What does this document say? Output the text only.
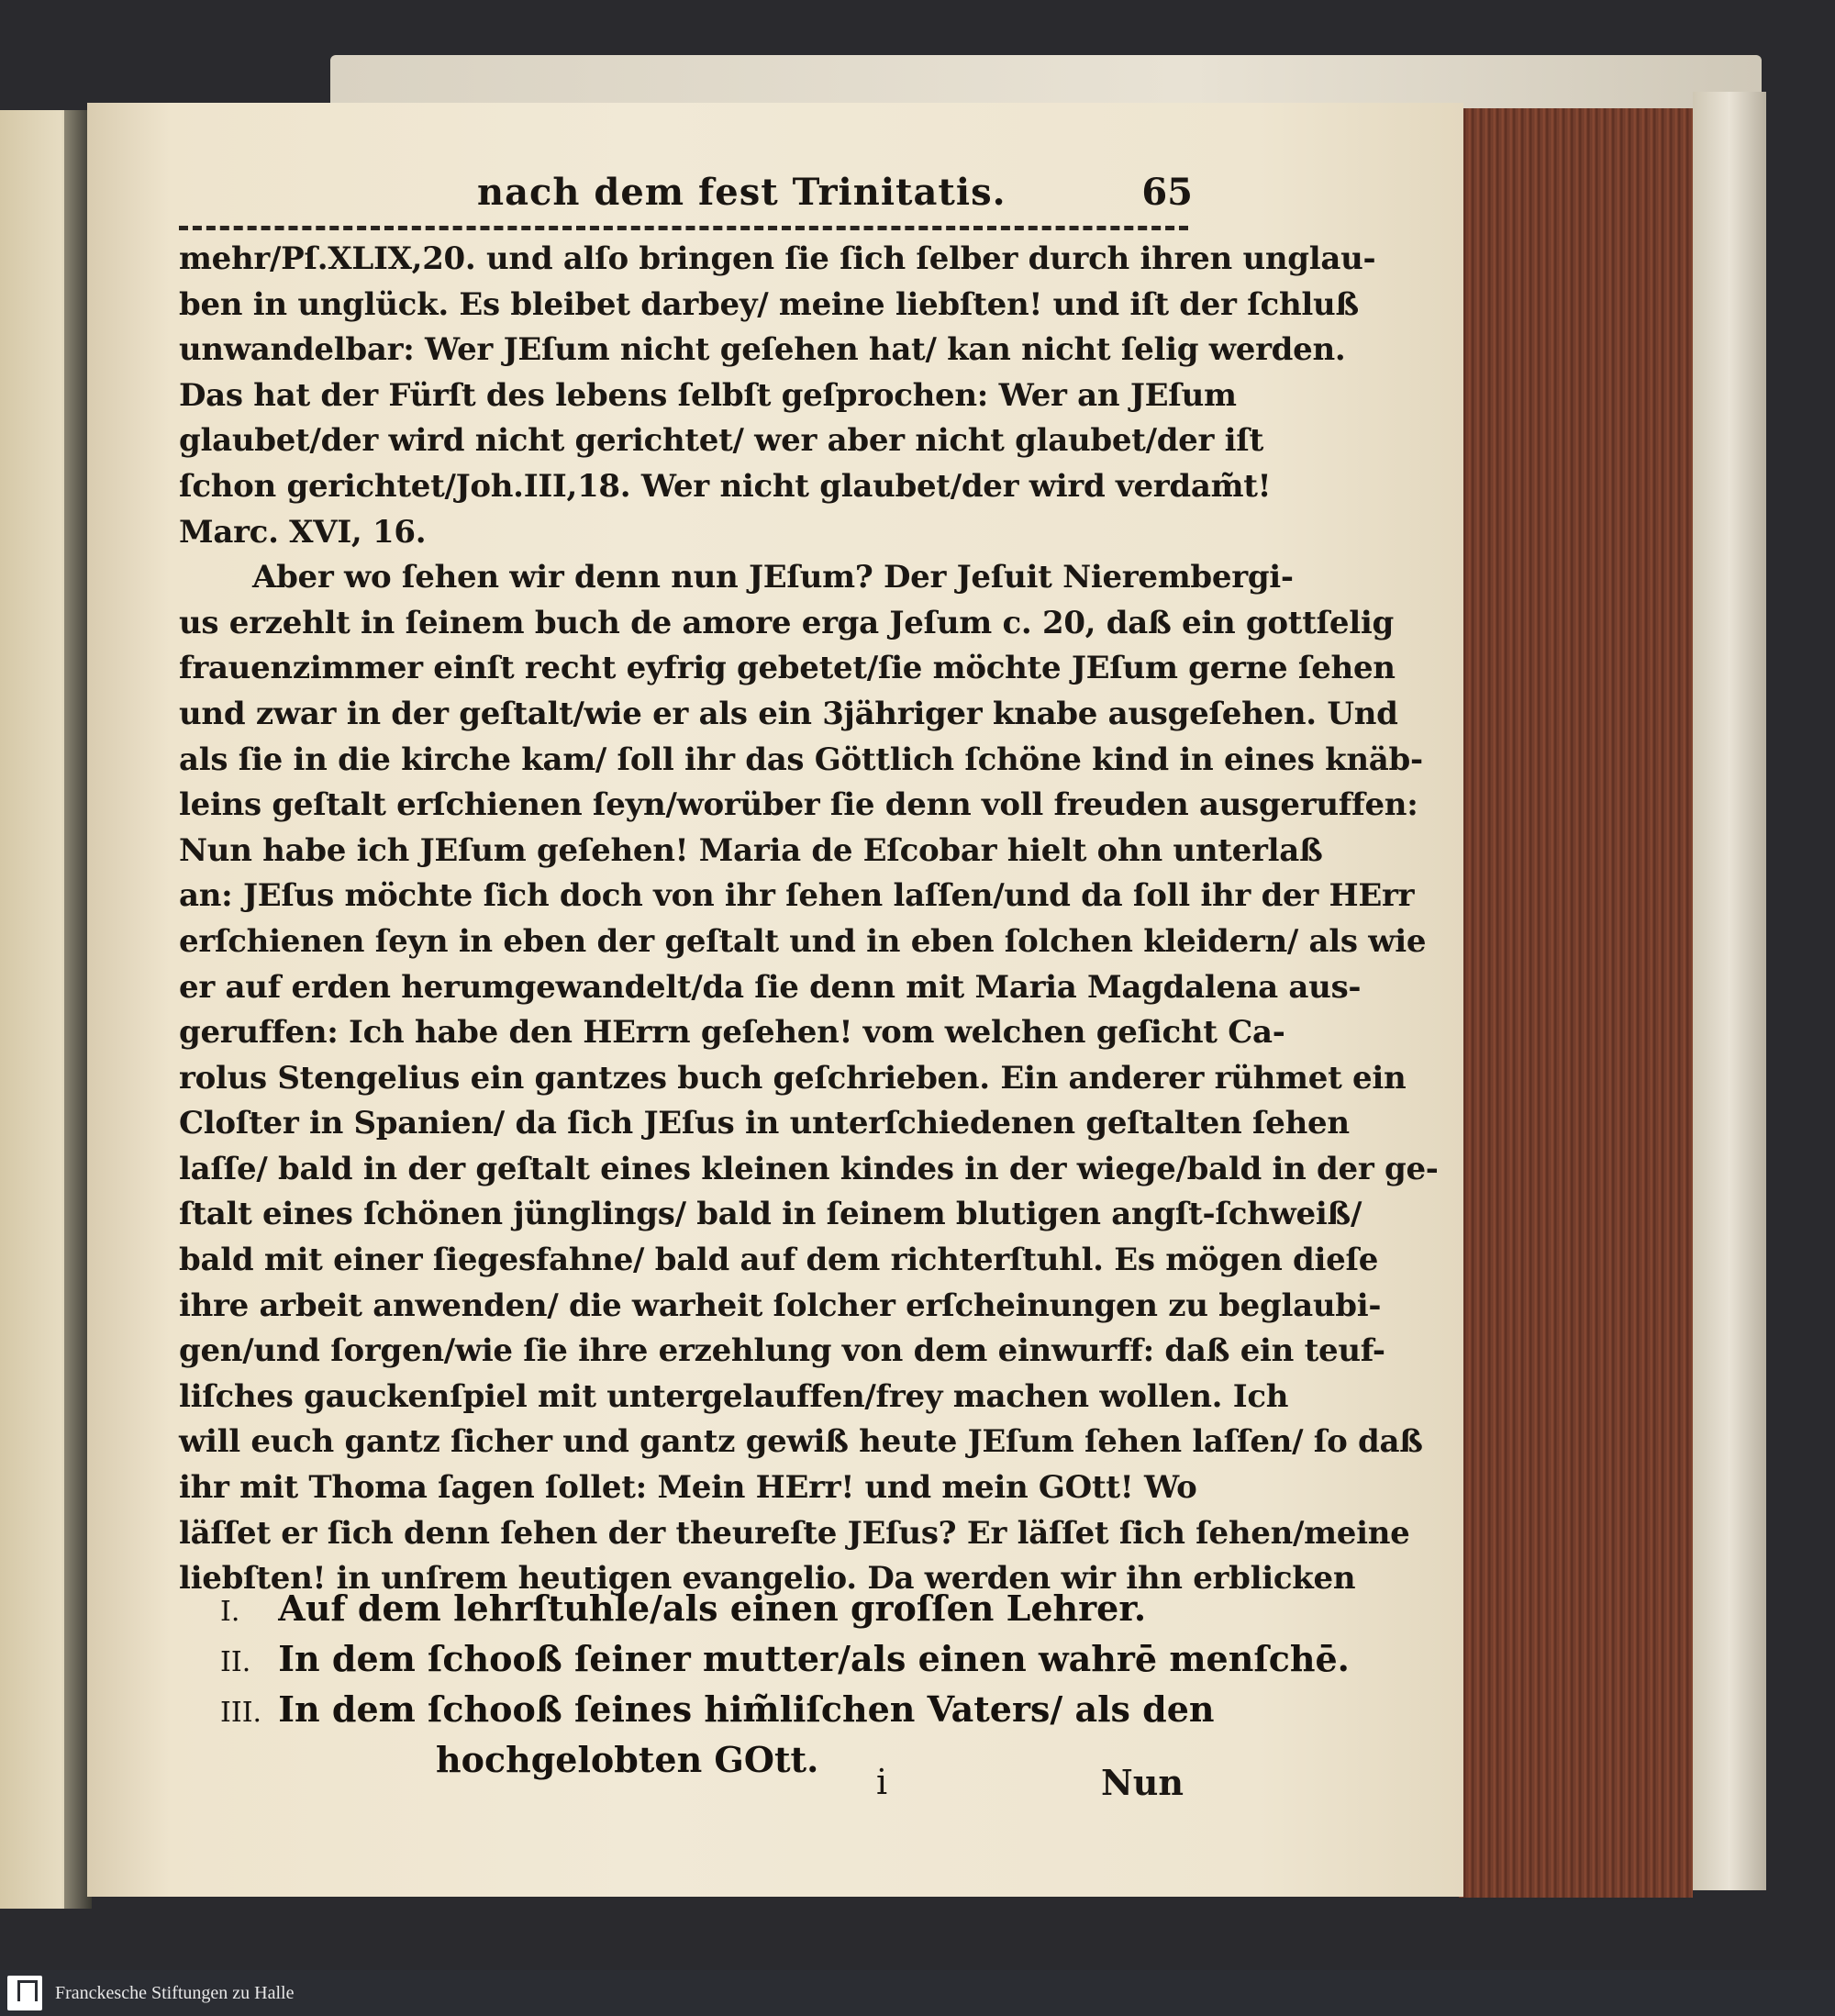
nach dem fest Trinitatis.	65
mehr/Pſ.XLIX,20. und alſo bringen ſie ſich ſelber durch ihren unglau-
ben in unglück. Es bleibet darbey/ meine liebſten! und iſt der ſchluß
unwandelbar: Wer JEſum nicht geſehen hat/ kan nicht ſelig werden.
Das hat der Fürſt des lebens ſelbſt geſprochen: Wer an JEſum
glaubet/der wird nicht gerichtet/ wer aber nicht glaubet/der iſt
ſchon gerichtet/Joh.III,18. Wer nicht glaubet/der wird verdam̃t!
Marc. XVI, 16.
Aber wo ſehen wir denn nun JEſum? Der Jeſuit Nierembergi-
us erzehlt in ſeinem buch de amore erga Jeſum c. 20, daß ein gottſelig
frauenzimmer einſt recht eyfrig gebetet/ſie möchte JEſum gerne ſehen
und zwar in der geſtalt/wie er als ein 3jähriger knabe ausgeſehen. Und
als ſie in die kirche kam/ ſoll ihr das Göttlich ſchöne kind in eines knäb-
leins geſtalt erſchienen ſeyn/worüber ſie denn voll freuden ausgeruffen:
Nun habe ich JEſum geſehen! Maria de Eſcobar hielt ohn unterlaß
an: JEſus möchte ſich doch von ihr ſehen laſſen/und da ſoll ihr der HErr
erſchienen ſeyn in eben der geſtalt und in eben ſolchen kleidern/ als wie
er auf erden herumgewandelt/da ſie denn mit Maria Magdalena aus-
geruffen: Ich habe den HErrn geſehen! vom welchen geſicht Ca-
rolus Stengelius ein gantzes buch geſchrieben. Ein anderer rühmet ein
Cloſter in Spanien/ da ſich JEſus in unterſchiedenen geſtalten ſehen
laſſe/ bald in der geſtalt eines kleinen kindes in der wiege/bald in der ge-
ſtalt eines ſchönen jünglings/ bald in ſeinem blutigen angſt-ſchweiß/
bald mit einer ſiegesfahne/ bald auf dem richterſtuhl. Es mögen dieſe
ihre arbeit anwenden/ die warheit ſolcher erſcheinungen zu beglaubi-
gen/und ſorgen/wie ſie ihre erzehlung von dem einwurff: daß ein teuf-
liſches gauckenſpiel mit untergelauffen/frey machen wollen. Ich
will euch gantz ſicher und gantz gewiß heute JEſum ſehen laſſen/ ſo daß
ihr mit Thoma ſagen ſollet: Mein HErr! und mein GOtt! Wo
läſſet er ſich denn ſehen der theureſte JEſus? Er läſſet ſich ſehen/meine
liebſten! in unſrem heutigen evangelio. Da werden wir ihn erblicken
I. Auf dem lehrſtuhle/als einen groſſen Lehrer.
II. In dem ſchooß ſeiner mutter/als einen wahrē menſchē.
III. In dem ſchooß ſeines him̃liſchen Vaters/ als den
hochgelobten GOtt.
i	Nun
Franckesche Stiftungen zu Halle
